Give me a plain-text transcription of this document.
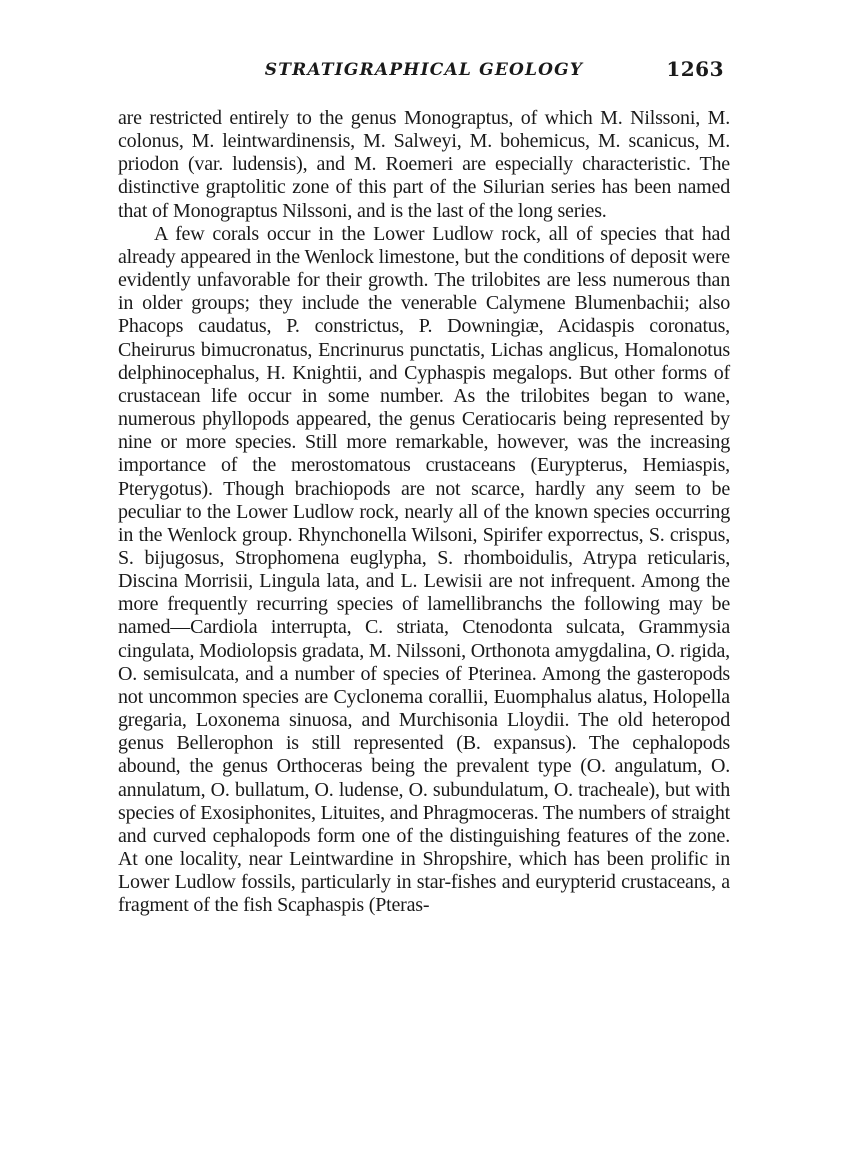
STRATIGRAPHICAL GEOLOGY	1263

are restricted entirely to the genus Monograptus, of which M. Nilssoni, M. colonus, M. leintwardinensis, M. Salweyi, M. bohemicus, M. scanicus, M. priodon (var. ludensis), and M. Roemeri are especially characteristic. The distinctive graptolitic zone of this part of the Silurian series has been named that of Monograptus Nilssoni, and is the last of the long series.

A few corals occur in the Lower Ludlow rock, all of species that had already appeared in the Wenlock limestone, but the conditions of deposit were evidently unfavorable for their growth. The trilobites are less numerous than in older groups; they include the venerable Calymene Blumenbachii; also Phacops caudatus, P. constrictus, P. Downingiæ, Acidaspis coronatus, Cheirurus bimucronatus, Encrinurus punctatis, Lichas anglicus, Homalonotus delphinocephalus, H. Knightii, and Cyphaspis megalops. But other forms of crustacean life occur in some number. As the trilobites began to wane, numerous phyllopods appeared, the genus Ceratiocaris being represented by nine or more species. Still more remarkable, however, was the increasing importance of the merostomatous crustaceans (Eurypterus, Hemiaspis, Pterygotus). Though brachiopods are not scarce, hardly any seem to be peculiar to the Lower Ludlow rock, nearly all of the known species occurring in the Wenlock group. Rhynchonella Wilsoni, Spirifer exporrectus, S. crispus, S. bijugosus, Strophomena euglypha, S. rhomboidulis, Atrypa reticularis, Discina Morrisii, Lingula lata, and L. Lewisii are not infrequent. Among the more frequently recurring species of lamellibranchs the following may be named—Cardiola interrupta, C. striata, Ctenodonta sulcata, Grammysia cingulata, Modiolopsis gradata, M. Nilssoni, Orthonota amygdalina, O. rigida, O. semisulcata, and a number of species of Pterinea. Among the gasteropods not uncommon species are Cyclonema corallii, Euomphalus alatus, Holopella gregaria, Loxonema sinuosa, and Murchisonia Lloydii. The old heteropod genus Bellerophon is still represented (B. expansus). The cephalopods abound, the genus Orthoceras being the prevalent type (O. angulatum, O. annulatum, O. bullatum, O. ludense, O. subundulatum, O. tracheale), but with species of Exosiphonites, Lituites, and Phragmoceras. The numbers of straight and curved cephalopods form one of the distinguishing features of the zone. At one locality, near Leintwardine in Shropshire, which has been prolific in Lower Ludlow fossils, particularly in star-fishes and eurypterid crustaceans, a fragment of the fish Scaphaspis (Pteras-
